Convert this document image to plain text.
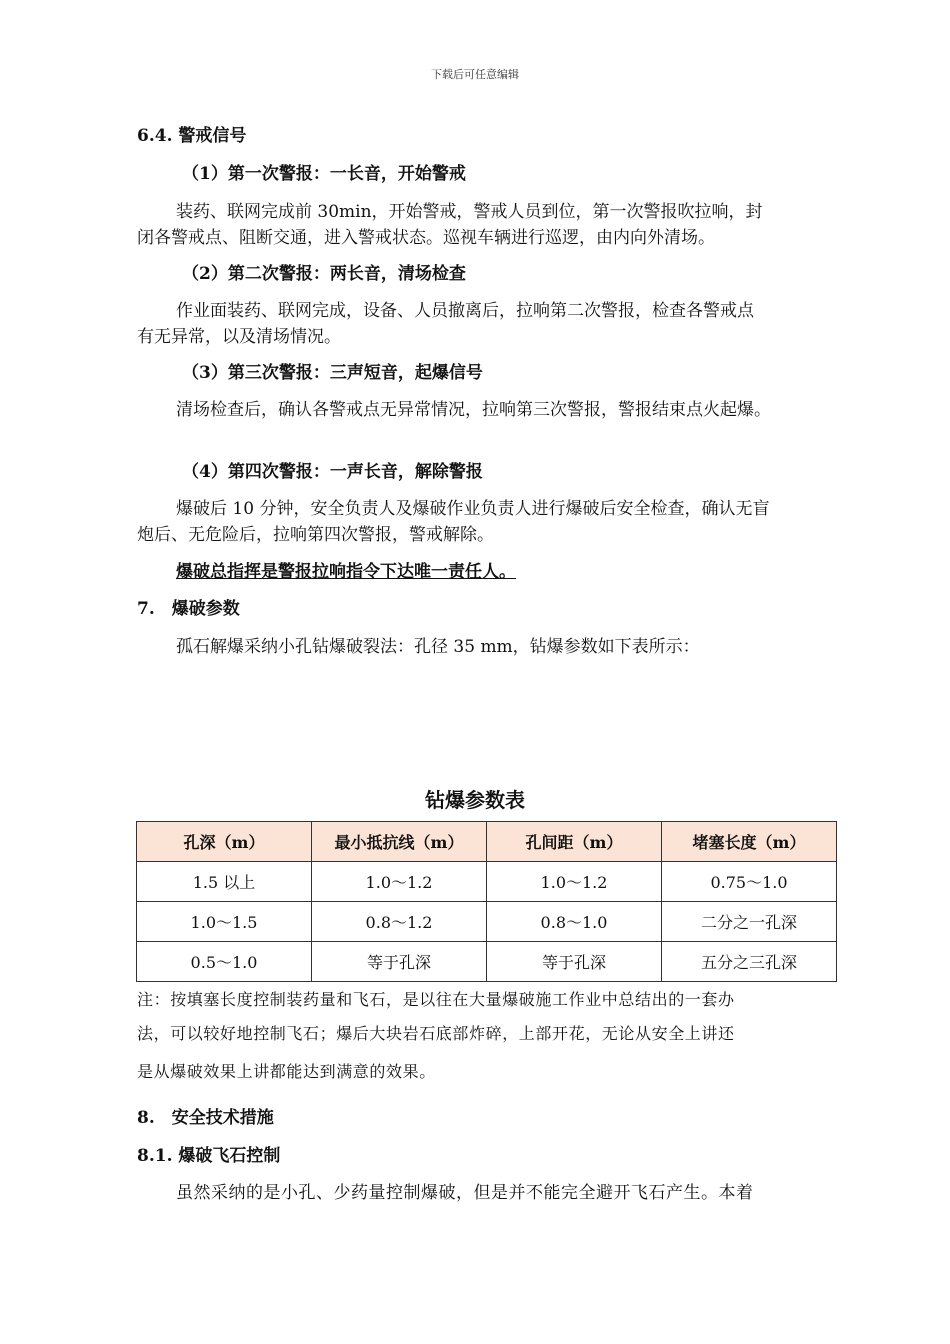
下载后可任意编辑
6.4. 警戒信号
（1）第一次警报：一长音，开始警戒
装药、联网完成前 30min，开始警戒，警戒人员到位，第一次警报吹拉响，封
闭各警戒点、阻断交通，进入警戒状态。巡视车辆进行巡逻，由内向外清场。
（2）第二次警报：两长音，清场检查
作业面装药、联网完成，设备、人员撤离后，拉响第二次警报，检查各警戒点
有无异常，以及清场情况。
（3）第三次警报：三声短音，起爆信号
清场检查后，确认各警戒点无异常情况，拉响第三次警报，警报结束点火起爆。
（4）第四次警报：一声长音，解除警报
爆破后 10 分钟，安全负责人及爆破作业负责人进行爆破后安全检查，确认无盲
炮后、无危险后，拉响第四次警报，警戒解除。
爆破总指挥是警报拉响指令下达唯一责任人。
7.　爆破参数
孤石解爆采纳小孔钻爆破裂法：孔径 35 mm，钻爆参数如下表所示：
钻爆参数表
孔深（m）	最小抵抗线（m）	孔间距（m）	堵塞长度（m）
1.5 以上	1.0～1.2	1.0～1.2	0.75～1.0
1.0～1.5	0.8～1.2	0.8～1.0	二分之一孔深
0.5～1.0	等于孔深	等于孔深	五分之三孔深
注：按填塞长度控制装药量和飞石，是以往在大量爆破施工作业中总结出的一套办
法，可以较好地控制飞石；爆后大块岩石底部炸碎，上部开花，无论从安全上讲还
是从爆破效果上讲都能达到满意的效果。
8.　安全技术措施
8.1. 爆破飞石控制
虽然采纳的是小孔、少药量控制爆破，但是并不能完全避开飞石产生。本着
